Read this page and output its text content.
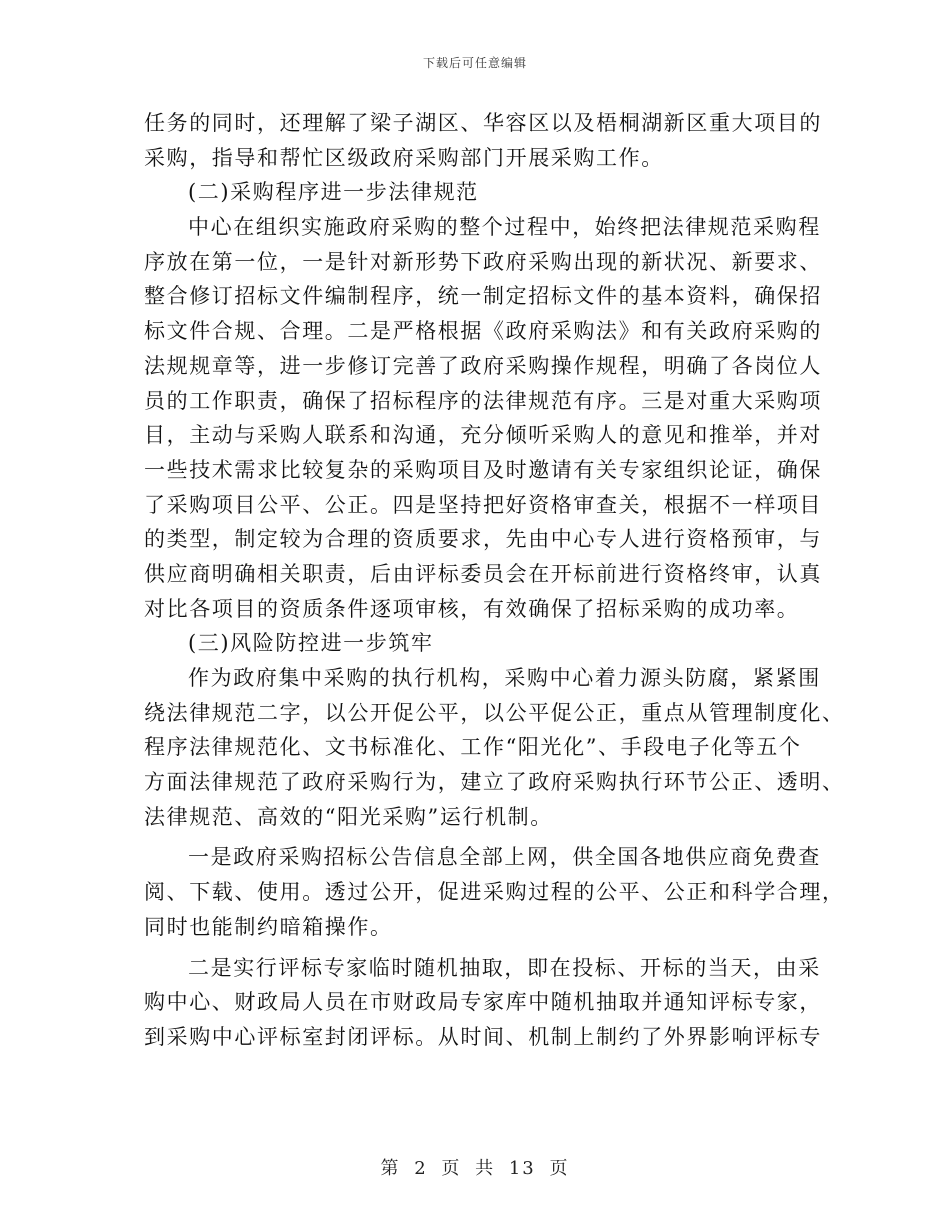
下载后可任意编辑
任务的同时，还理解了梁子湖区、华容区以及梧桐湖新区重大项目的
采购，指导和帮忙区级政府采购部门开展采购工作。
(二)采购程序进一步法律规范
中心在组织实施政府采购的整个过程中，始终把法律规范采购程
序放在第一位，一是针对新形势下政府采购出现的新状况、新要求、
整合修订招标文件编制程序，统一制定招标文件的基本资料，确保招
标文件合规、合理。二是严格根据《政府采购法》和有关政府采购的
法规规章等，进一步修订完善了政府采购操作规程，明确了各岗位人
员的工作职责，确保了招标程序的法律规范有序。三是对重大采购项
目，主动与采购人联系和沟通，充分倾听采购人的意见和推举，并对
一些技术需求比较复杂的采购项目及时邀请有关专家组织论证，确保
了采购项目公平、公正。四是坚持把好资格审查关，根据不一样项目
的类型，制定较为合理的资质要求，先由中心专人进行资格预审，与
供应商明确相关职责，后由评标委员会在开标前进行资格终审，认真
对比各项目的资质条件逐项审核，有效确保了招标采购的成功率。
(三)风险防控进一步筑牢
作为政府集中采购的执行机构，采购中心着力源头防腐，紧紧围
绕法律规范二字，以公开促公平，以公平促公正，重点从管理制度化、
程序法律规范化、文书标准化、工作“阳光化”、手段电子化等五个
方面法律规范了政府采购行为，建立了政府采购执行环节公正、透明、
法律规范、高效的“阳光采购”运行机制。
一是政府采购招标公告信息全部上网，供全国各地供应商免费查
阅、下载、使用。透过公开，促进采购过程的公平、公正和科学合理，
同时也能制约暗箱操作。
二是实行评标专家临时随机抽取，即在投标、开标的当天，由采
购中心、财政局人员在市财政局专家库中随机抽取并通知评标专家，
到采购中心评标室封闭评标。从时间、机制上制约了外界影响评标专
第 2 页 共 13 页
